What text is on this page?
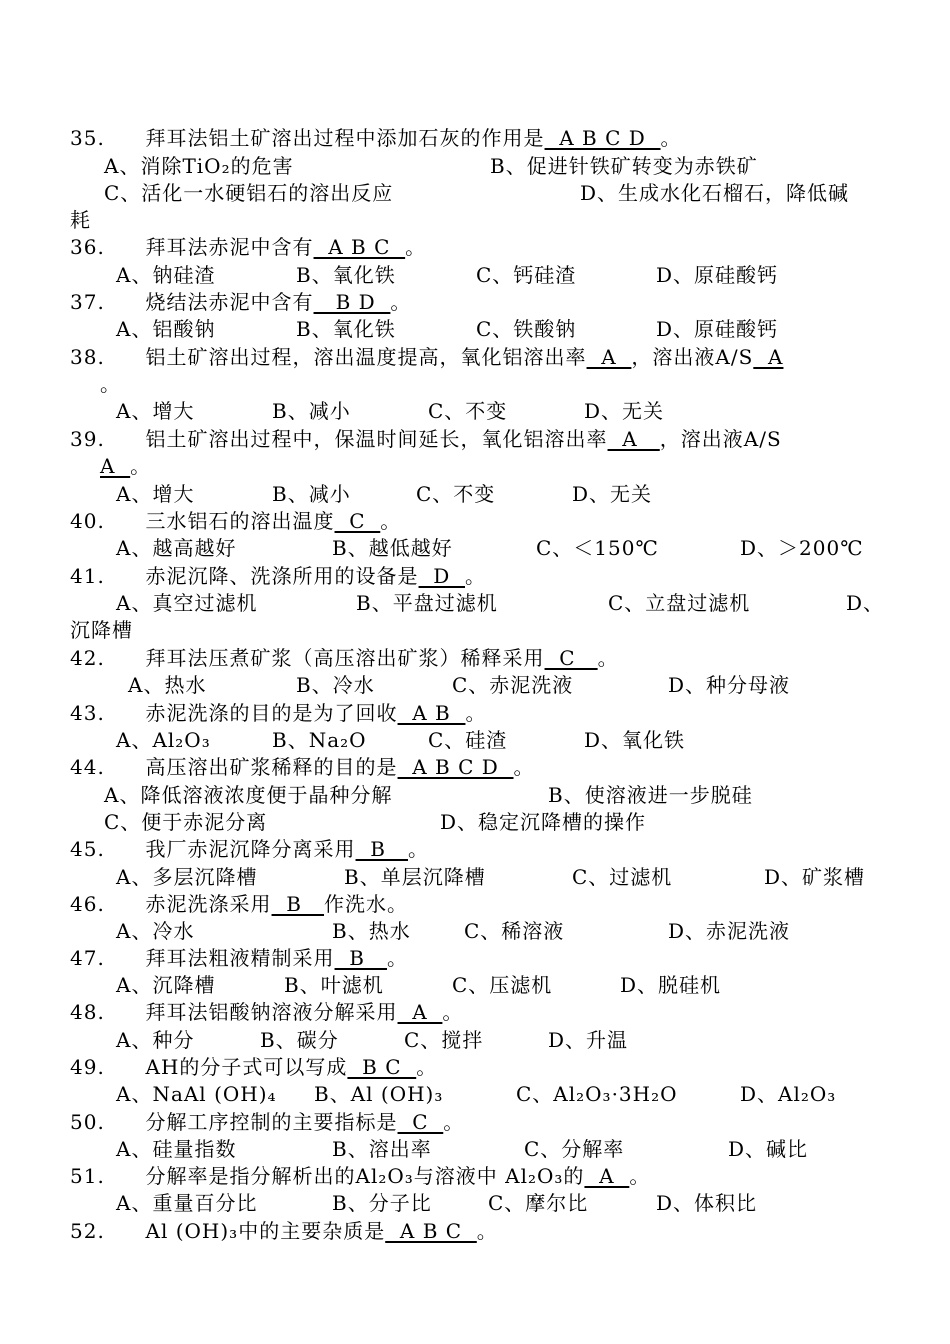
35. 拜耳法铝土矿溶出过程中添加石灰的作用是  A B C D  。
A、消除TiO₂的危害	B、促进针铁矿转变为赤铁矿
C、活化一水硬铝石的溶出反应	D、生成水化石榴石，降低碱
耗
36. 拜耳法赤泥中含有  A B C  。
A、钠硅渣	B、氧化铁	C、钙硅渣	D、原硅酸钙
37. 烧结法赤泥中含有   B D  。
A、铝酸钠	B、氧化铁	C、铁酸钠	D、原硅酸钙
38. 铝土矿溶出过程，溶出温度提高，氧化铝溶出率  A  ，溶出液A/S  A
。
A、增大	B、减小	C、不变	D、无关
39. 铝土矿溶出过程中，保温时间延长，氧化铝溶出率  A   ，溶出液A/S
A  。
A、增大	B、减小	C、不变	D、无关
40. 三水铝石的溶出温度  C  。
A、越高越好	B、越低越好	C、＜150℃	D、＞200℃
41. 赤泥沉降、洗涤所用的设备是  D  。
A、真空过滤机	B、平盘过滤机	C、立盘过滤机	D、
沉降槽
42. 拜耳法压煮矿浆（高压溶出矿浆）稀释采用  C   。
A、热水	B、冷水	C、赤泥洗液	D、种分母液
43. 赤泥洗涤的目的是为了回收  A B  。
A、Al₂O₃	B、Na₂O	C、硅渣	D、氧化铁
44. 高压溶出矿浆稀释的目的是  A B C D  。
A、降低溶液浓度便于晶种分解	B、使溶液进一步脱硅
C、便于赤泥分离	D、稳定沉降槽的操作
45. 我厂赤泥沉降分离采用  B   。
A、多层沉降槽	B、单层沉降槽	C、过滤机	D、矿浆槽
46. 赤泥洗涤采用  B   作洗水。
A、冷水	B、热水	C、稀溶液	D、赤泥洗液
47. 拜耳法粗液精制采用  B   。
A、沉降槽	B、叶滤机	C、压滤机	D、脱硅机
48. 拜耳法铝酸钠溶液分解采用  A  。
A、种分	B、碳分	C、搅拌	D、升温
49. AH的分子式可以写成  B C  。
A、NaAl (OH)₄ B、Al (OH)₃	C、Al₂O₃·3H₂O	D、Al₂O₃
50. 分解工序控制的主要指标是  C  。
A、硅量指数	B、溶出率	C、分解率	D、碱比
51. 分解率是指分解析出的Al₂O₃与溶液中 Al₂O₃的  A  。
A、重量百分比	B、分子比	C、摩尔比	D、体积比
52. Al (OH)₃中的主要杂质是  A B C  。
